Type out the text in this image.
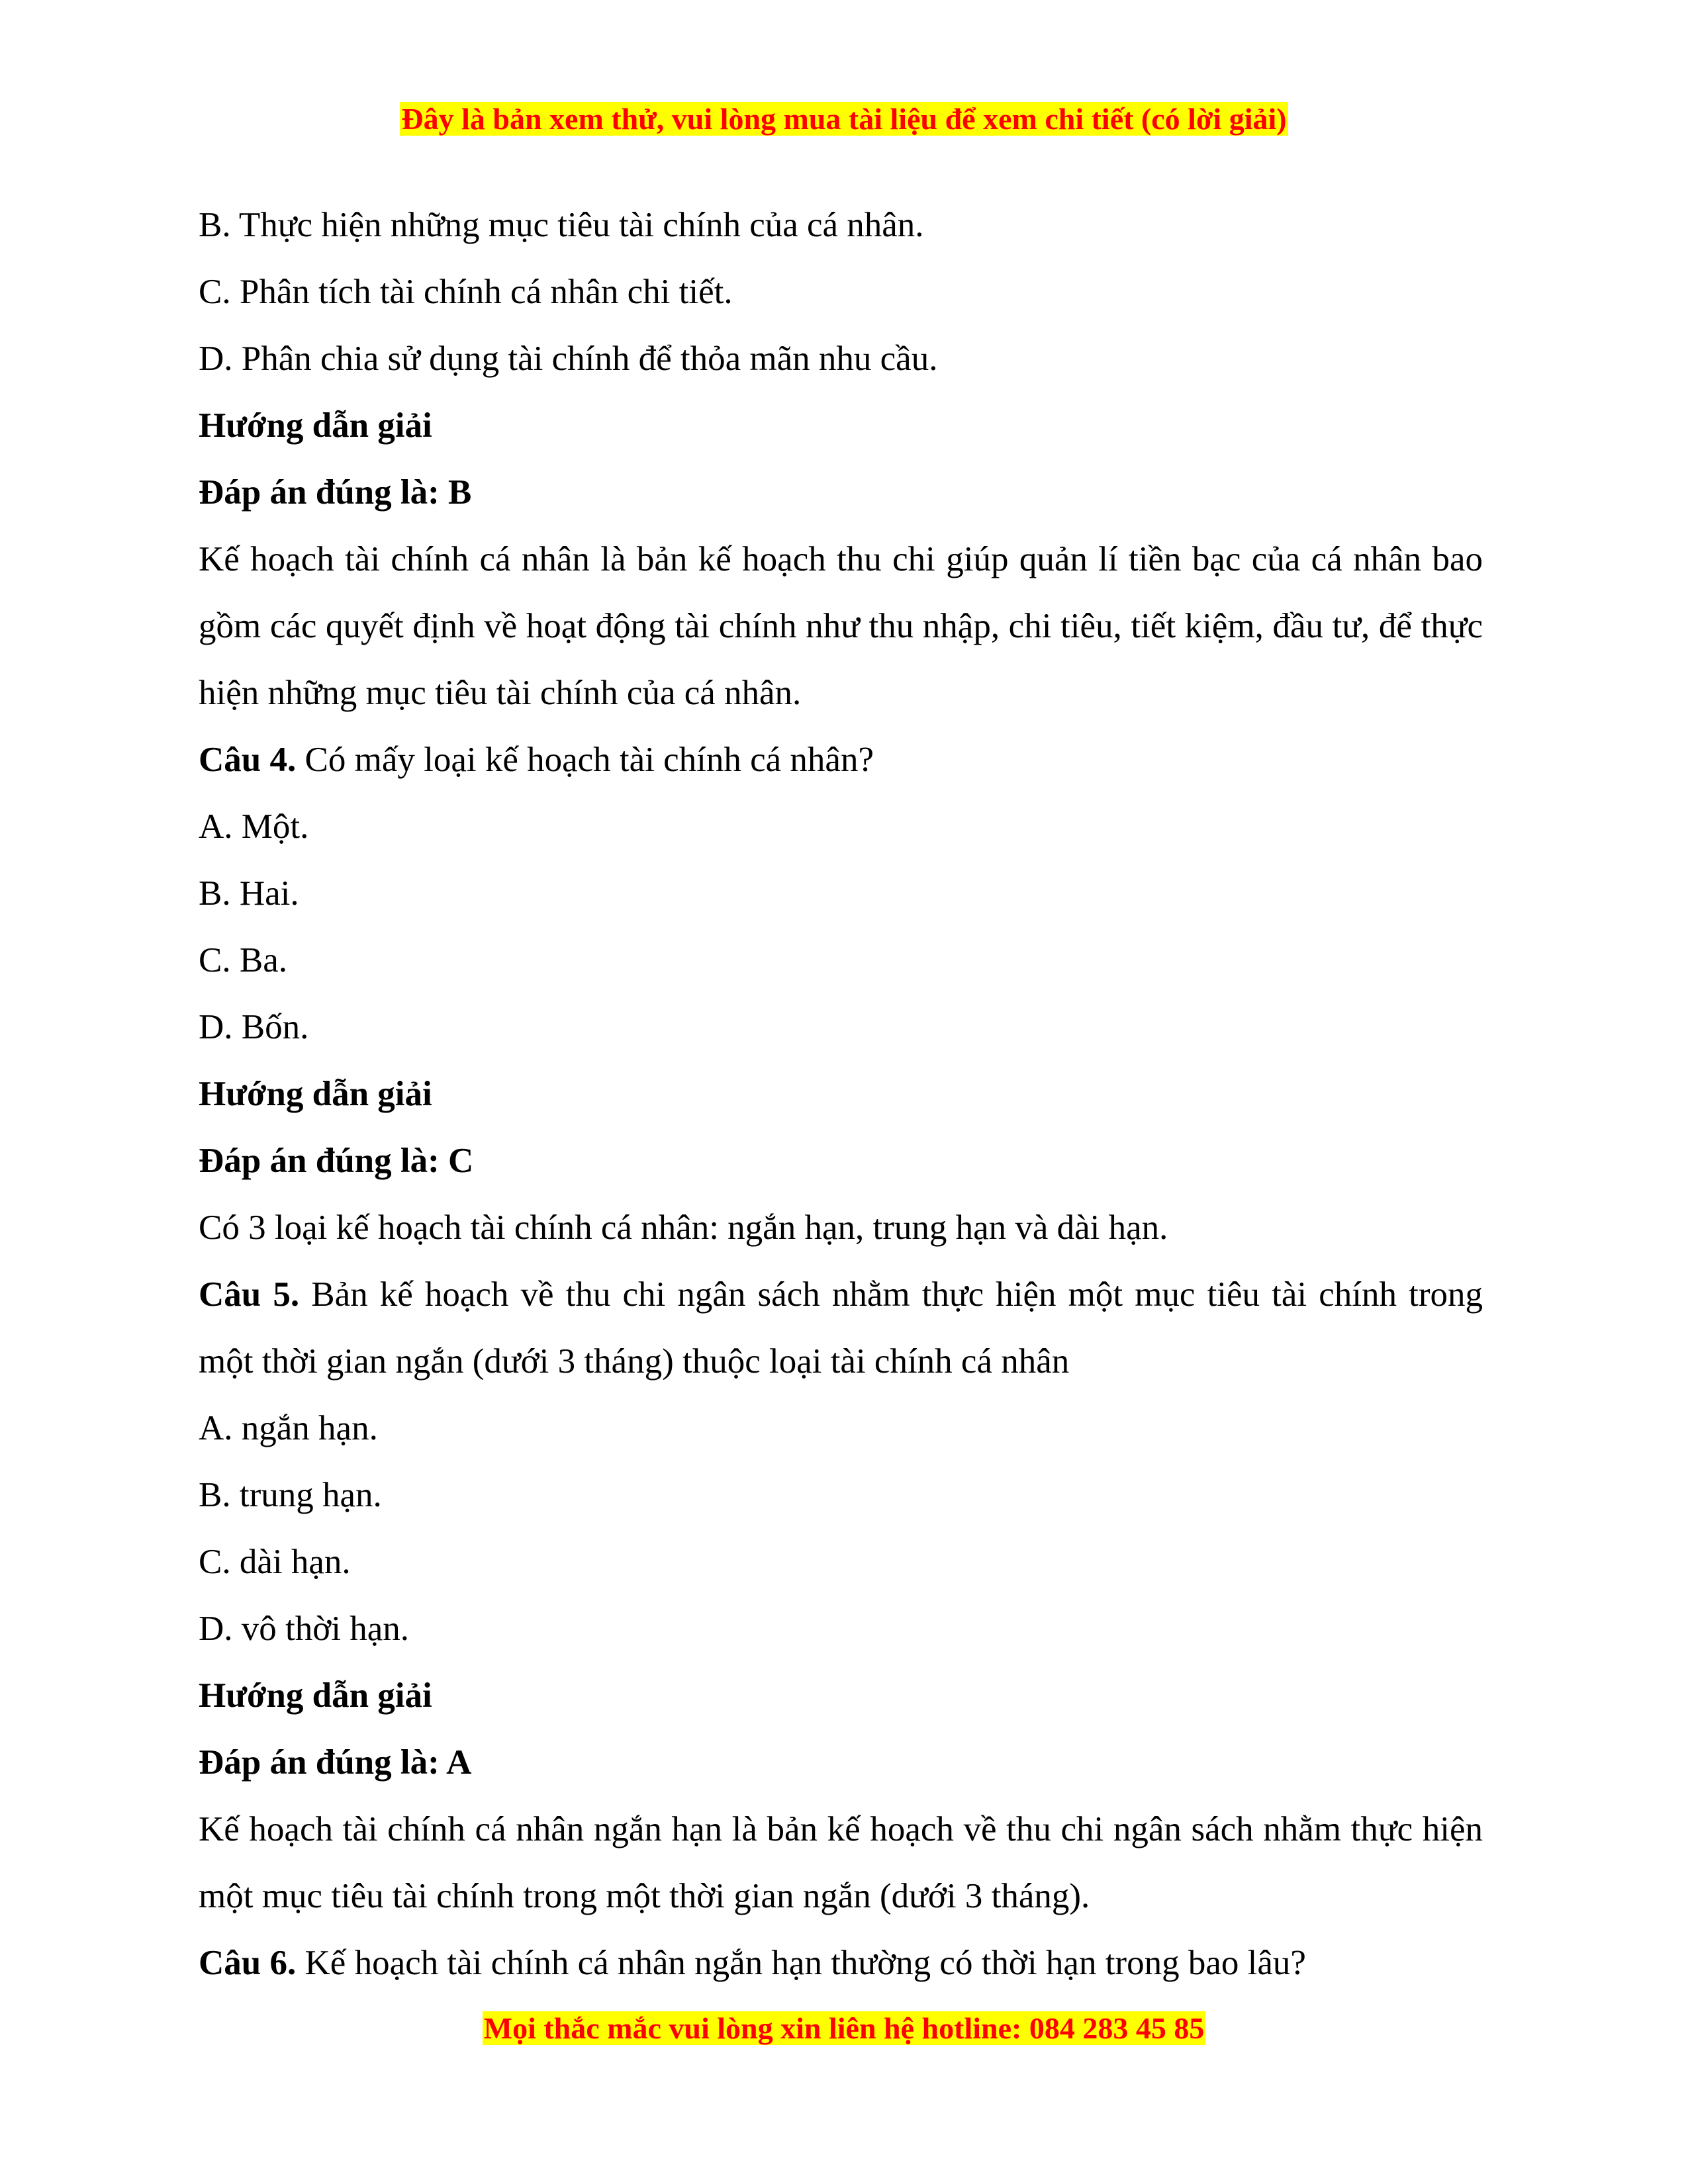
Đây là bản xem thử, vui lòng mua tài liệu để xem chi tiết (có lời giải)

B. Thực hiện những mục tiêu tài chính của cá nhân.

C. Phân tích tài chính cá nhân chi tiết.

D. Phân chia sử dụng tài chính để thỏa mãn nhu cầu.

Hướng dẫn giải

Đáp án đúng là: B

Kế hoạch tài chính cá nhân là bản kế hoạch thu chi giúp quản lí tiền bạc của cá nhân bao gồm các quyết định về hoạt động tài chính như thu nhập, chi tiêu, tiết kiệm, đầu tư, để thực hiện những mục tiêu tài chính của cá nhân.

Câu 4. Có mấy loại kế hoạch tài chính cá nhân?

A. Một.

B. Hai.

C. Ba.

D. Bốn.

Hướng dẫn giải

Đáp án đúng là: C

Có 3 loại kế hoạch tài chính cá nhân: ngắn hạn, trung hạn và dài hạn.

Câu 5. Bản kế hoạch về thu chi ngân sách nhằm thực hiện một mục tiêu tài chính trong một thời gian ngắn (dưới 3 tháng) thuộc loại tài chính cá nhân

A. ngắn hạn.

B. trung hạn.

C. dài hạn.

D. vô thời hạn.

Hướng dẫn giải

Đáp án đúng là: A

Kế hoạch tài chính cá nhân ngắn hạn là bản kế hoạch về thu chi ngân sách nhằm thực hiện một mục tiêu tài chính trong một thời gian ngắn (dưới 3 tháng).

Câu 6. Kế hoạch tài chính cá nhân ngắn hạn thường có thời hạn trong bao lâu?

Mọi thắc mắc vui lòng xin liên hệ hotline: 084 283 45 85
